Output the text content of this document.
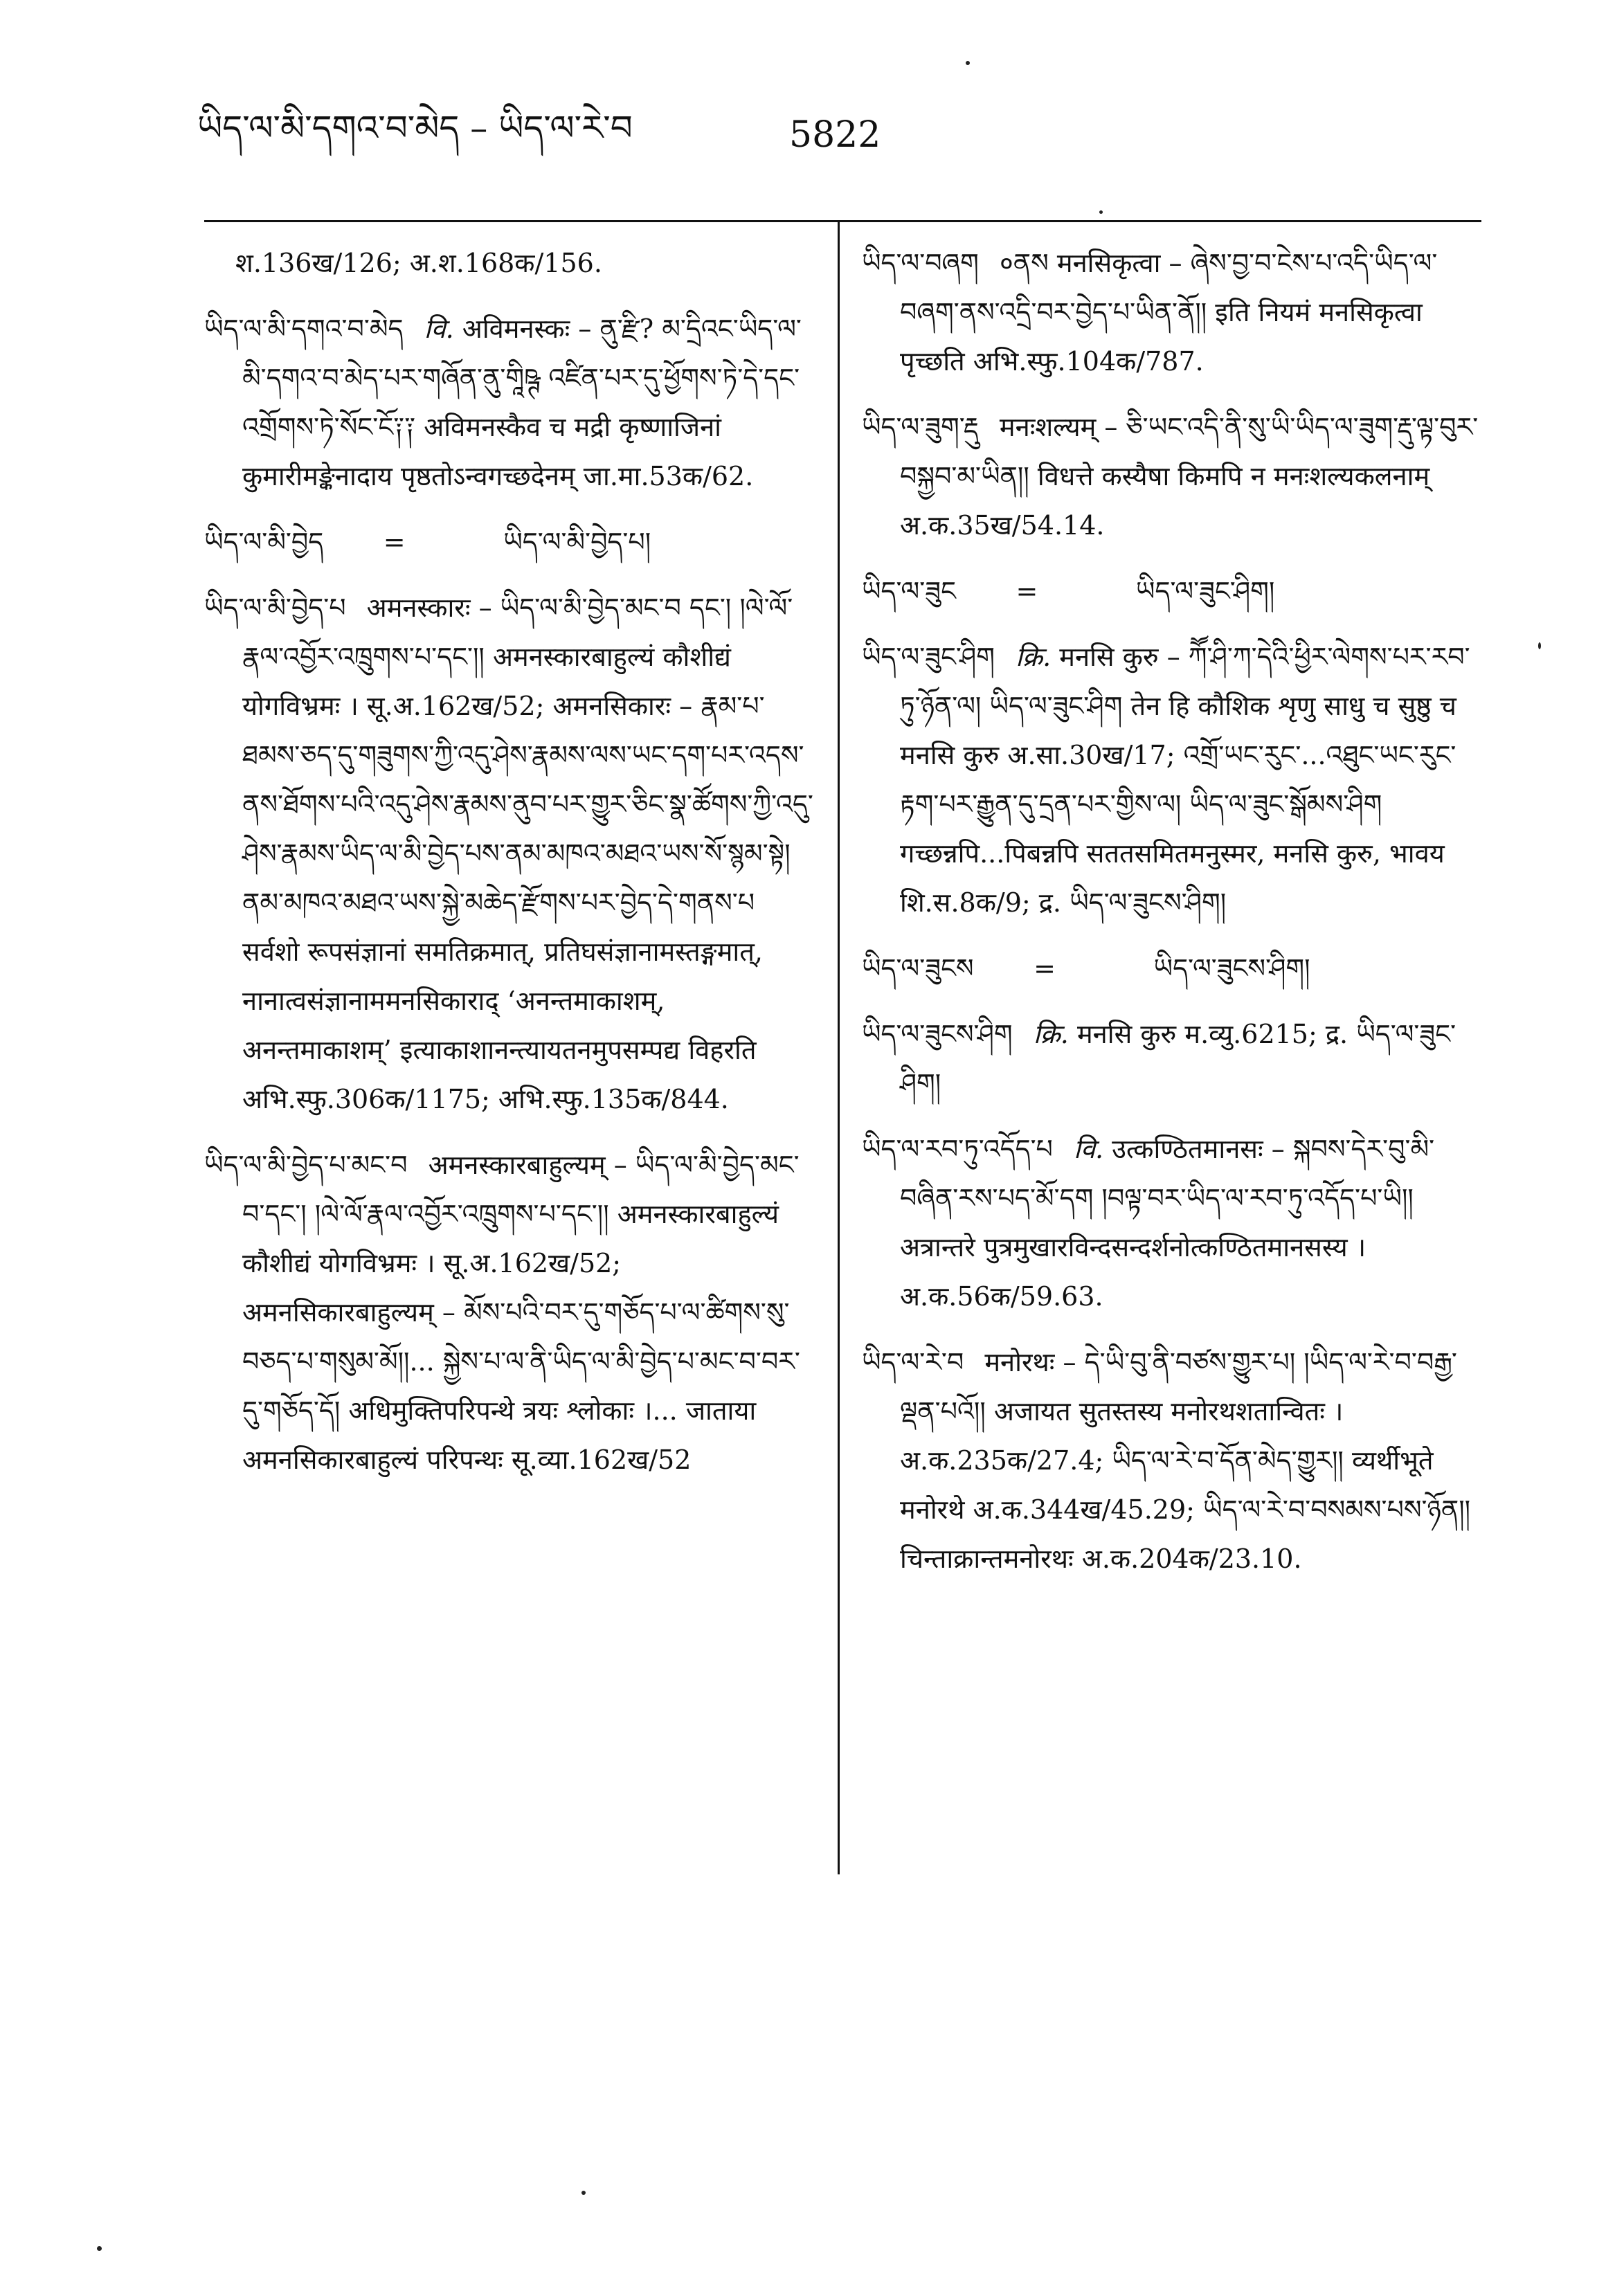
ཡིད་ལ་མི་དགའ་བ་མེད – ཡིད་ལ་རེ་བ	5822

श.136ख/126; अ.श.168क/156.

ཡིད་ལ་མི་དགའ་བ་མེད वि. अविमनस्कः – ནུ་རྫི? མ་དྲིའང་ཡིད་ལ་མི་དགའ་བ་མེད་པར་གཞོན་ནུ་གཱིཥྚ འཛིན་པར་དུ་ཕྱོགས་ཏེ་དེ་དང་འགྲོགས་ཏེ་སོང་ངོ༑༑ अविमनस्कैव च मद्री कृष्णाजिनां कुमारीमङ्केनादाय पृष्ठतोऽन्वगच्छदेनम् जा.मा.53क/62.

ཡིད་ལ་མི་བྱེད =	ཡིད་ལ་མི་བྱེད་པ།

ཡིད་ལ་མི་བྱེད་པ अमनस्कारः – ཡིད་ལ་མི་བྱེད་མང་བ དང་། །ལེ་ལོ་རྣལ་འབྱོར་འཁྲུགས་པ་དང་།། अमनस्कारबाहुल्यं कौशीद्यं योगविभ्रमः । सू.अ.162ख/52; अमनसिकारः – རྣམ་པ་ཐམས་ཅད་དུ་གཟུགས་ཀྱི་འདུ་ཤེས་རྣམས་ལས་ཡང་དག་པར་འདས་ནས་ཐོགས་པའི་འདུ་ཤེས་རྣམས་ནུབ་པར་གྱུར་ཅིང་སྣ་ཚོགས་ཀྱི་འདུ་ཤེས་རྣམས་ཡིད་ལ་མི་བྱེད་པས་ནམ་མཁའ་མཐའ་ཡས་སོ་སྙམ་སྟེ། ནམ་མཁའ་མཐའ་ཡས་སྐྱེ་མཆེད་རྫོགས་པར་བྱེད་དེ་གནས་པ सर्वशो रूपसंज्ञानां समतिक्रमात्, प्रतिघसंज्ञानामस्तङ्गमात्, नानात्वसंज्ञानाममनसिकाराद् ‘अनन्तमाकाशम्, अनन्तमाकाशम्’ इत्याकाशानन्त्यायतनमुपसम्पद्य विहरति अभि.स्फु.306क/1175; अभि.स्फु.135क/844.

ཡིད་ལ་མི་བྱེད་པ་མང་བ अमनस्कारबाहुल्यम् – ཡིད་ལ་མི་བྱེད་མང་བ་དང་། །ལེ་ལོ་རྣལ་འབྱོར་འཁྲུགས་པ་དང་།། अमनस्कारबाहुल्यं कौशीद्यं योगविभ्रमः । सू.अ.162ख/52; अमनसिकारबाहुल्यम् – མོས་པའི་བར་དུ་གཅོད་པ་ལ་ཚིགས་སུ་བཅད་པ་གསུམ་མོ།།... སྐྱེས་པ་ལ་ནི་ཡིད་ལ་མི་བྱེད་པ་མང་བ་བར་དུ་གཅོད་དོ། अधिमुक्तिपरिपन्थे त्रयः श्लोकाः ।... जाताया अमनसिकारबाहुल्यं परिपन्थः सू.व्या.162ख/52

ཡིད་ལ་བཞག ०ནས मनसिकृत्वा – ཞེས་བྱ་བ་ངེས་པ་འདི་ཡིད་ལ་བཞག་ནས་འདྲི་བར་བྱེད་པ་ཡིན་ནོ།། इति नियमं मनसिकृत्वा पृच्छति अभि.स्फु.104क/787.

ཡིད་ལ་ཟུག་རྡུ मनःशल्यम् – ཅི་ཡང་འདི་ནི་སུ་ཡི་ཡིད་ལ་ཟུག་རྡུ་ལྟ་བུར་བསྐྱབ་མ་ཡིན།། विधत्ते कस्यैषा किमपि न मनःशल्यकलनाम् अ.क.35ख/54.14.

ཡིད་ལ་ཟུང =	ཡིད་ལ་ཟུང་ཤིག།

ཡིད་ལ་ཟུང་ཤིག क्रि. मनसि कुरु – ཀཽ་ཤི་ཀ་དེའི་ཕྱིར་ལེགས་པར་རབ་ཏུ་ཉོན་ལ། ཡིད་ལ་ཟུང་ཤིག तेन हि कौशिक शृणु साधु च सुष्ठु च मनसि कुरु अ.सा.30ख/17; འགྲོ་ཡང་རུང་...འཐུང་ཡང་རུང་རྟག་པར་རྒྱུན་དུ་དྲན་པར་གྱིས་ལ། ཡིད་ལ་ཟུང་སྒོམས་ཤིག गच्छन्नपि...पिबन्नपि सततसमितमनुस्मर, मनसि कुरु, भावय शि.स.8क/9; द्र. ཡིད་ལ་ཟུངས་ཤིག།

ཡིད་ལ་ཟུངས =	ཡིད་ལ་ཟུངས་ཤིག།

ཡིད་ལ་ཟུངས་ཤིག क्रि. मनसि कुरु म.व्यु.6215; द्र. ཡིད་ལ་ཟུང་ཤིག།

ཡིད་ལ་རབ་ཏུ་འདོད་པ वि. उत्कण्ठितमानसः – སྐབས་དེར་བུ་མི་བཞིན་རས་པད་མོ་དག །བལྟ་བར་ཡིད་ལ་རབ་ཏུ་འདོད་པ་ཡི།། अत्रान्तरे पुत्रमुखारविन्दसन्दर्शनोत्कण्ठितमानसस्य । अ.क.56क/59.63.

ཡིད་ལ་རེ་བ मनोरथः – དེ་ཡི་བུ་ནི་བཙས་གྱུར་པ། །ཡིད་ལ་རེ་བ་བརྒྱ་ལྡན་པའོ།། अजायत सुतस्तस्य मनोरथशतान्वितः । अ.क.235क/27.4; ཡིད་ལ་རེ་བ་དོན་མེད་གྱུར།། व्यर्थीभूते मनोरथे अ.क.344ख/45.29; ཡིད་ལ་རེ་བ་བསམས་པས་ཉོན།། चिन्ताक्रान्तमनोरथः अ.क.204क/23.10.
